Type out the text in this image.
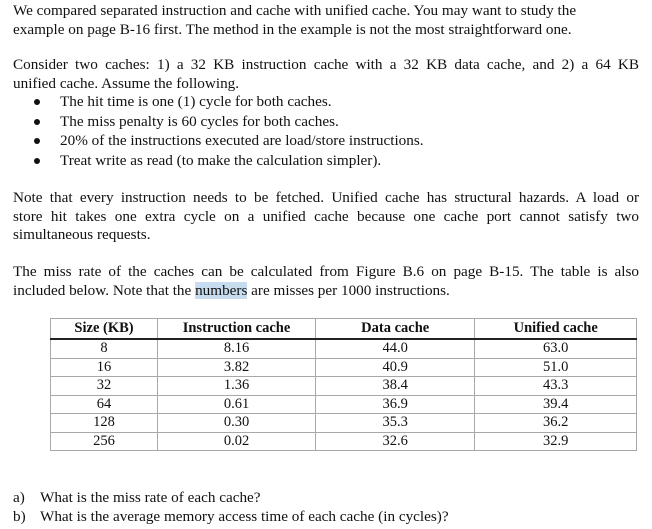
We compared separated instruction and cache with unified cache. You may want to study the
example on page B-16 first. The method in the example is not the most straightforward one.

Consider two caches: 1) a 32 KB instruction cache with a 32 KB data cache, and 2) a 64 KB
unified cache. Assume the following.

The hit time is one (1) cycle for both caches.
The miss penalty is 60 cycles for both caches.
20% of the instructions executed are load/store instructions.
Treat write as read (to make the calculation simpler).

Note that every instruction needs to be fetched. Unified cache has structural hazards. A load or
store hit takes one extra cycle on a unified cache because one cache port cannot satisfy two
simultaneous requests.

The miss rate of the caches can be calculated from Figure B.6 on page B-15. The table is also
included below. Note that the numbers are misses per 1000 instructions.

Size (KB)	Instruction cache	Data cache	Unified cache
8	8.16	44.0	63.0
16	3.82	40.9	51.0
32	1.36	38.4	43.3
64	0.61	36.9	39.4
128	0.30	35.3	36.2
256	0.02	32.6	32.9
a) What is the miss rate of each cache?
b) What is the average memory access time of each cache (in cycles)?
